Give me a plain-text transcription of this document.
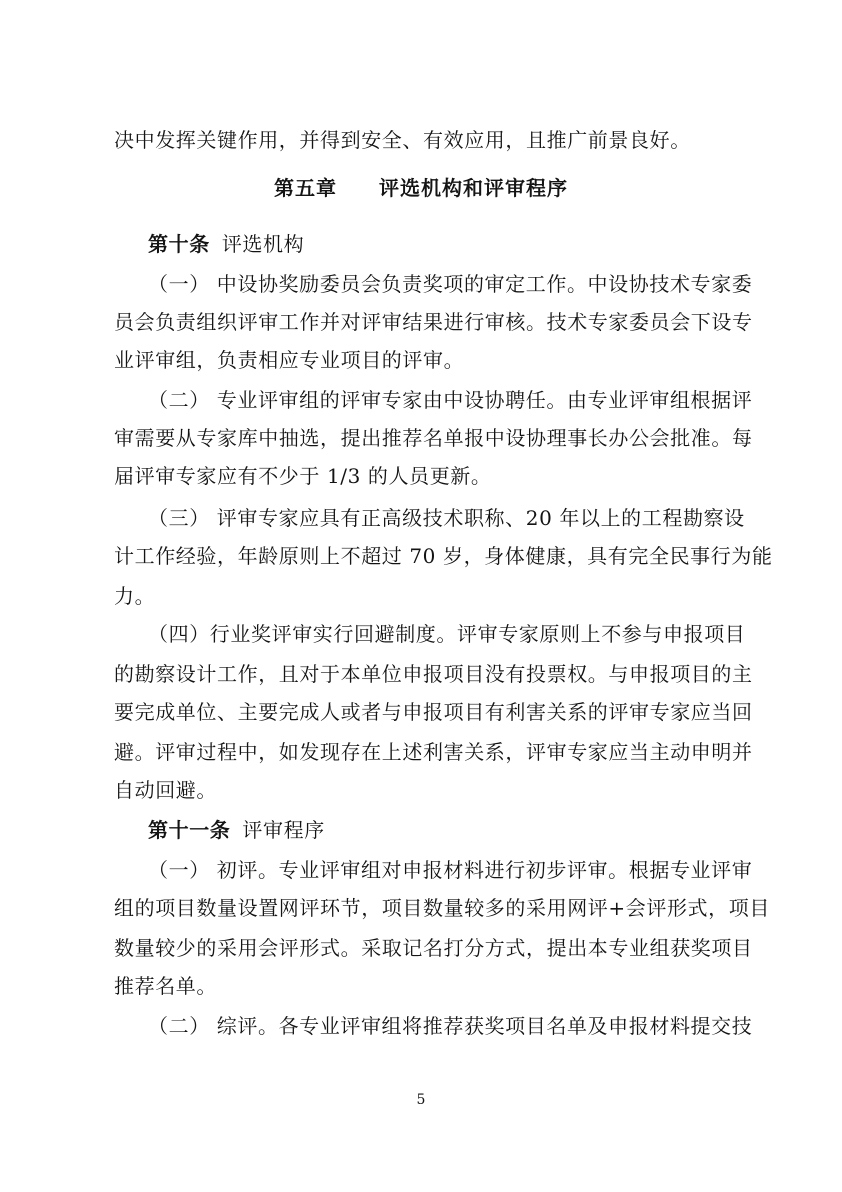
决中发挥关键作用，并得到安全、有效应用，且推广前景良好。
第五章　　评选机构和评审程序
第十条 评选机构
（一） 中设协奖励委员会负责奖项的审定工作。中设协技术专家委
员会负责组织评审工作并对评审结果进行审核。技术专家委员会下设专
业评审组，负责相应专业项目的评审。
（二） 专业评审组的评审专家由中设协聘任。由专业评审组根据评
审需要从专家库中抽选，提出推荐名单报中设协理事长办公会批准。每
届评审专家应有不少于 1/3 的人员更新。
（三） 评审专家应具有正高级技术职称、20 年以上的工程勘察设
计工作经验，年龄原则上不超过 70 岁，身体健康，具有完全民事行为能
力。
（四）行业奖评审实行回避制度。评审专家原则上不参与申报项目
的勘察设计工作，且对于本单位申报项目没有投票权。与申报项目的主
要完成单位、主要完成人或者与申报项目有利害关系的评审专家应当回
避。评审过程中，如发现存在上述利害关系，评审专家应当主动申明并
自动回避。
第十一条 评审程序
（一） 初评。专业评审组对申报材料进行初步评审。根据专业评审
组的项目数量设置网评环节，项目数量较多的采用网评+会评形式，项目
数量较少的采用会评形式。采取记名打分方式，提出本专业组获奖项目
推荐名单。
（二） 综评。各专业评审组将推荐获奖项目名单及申报材料提交技
5
